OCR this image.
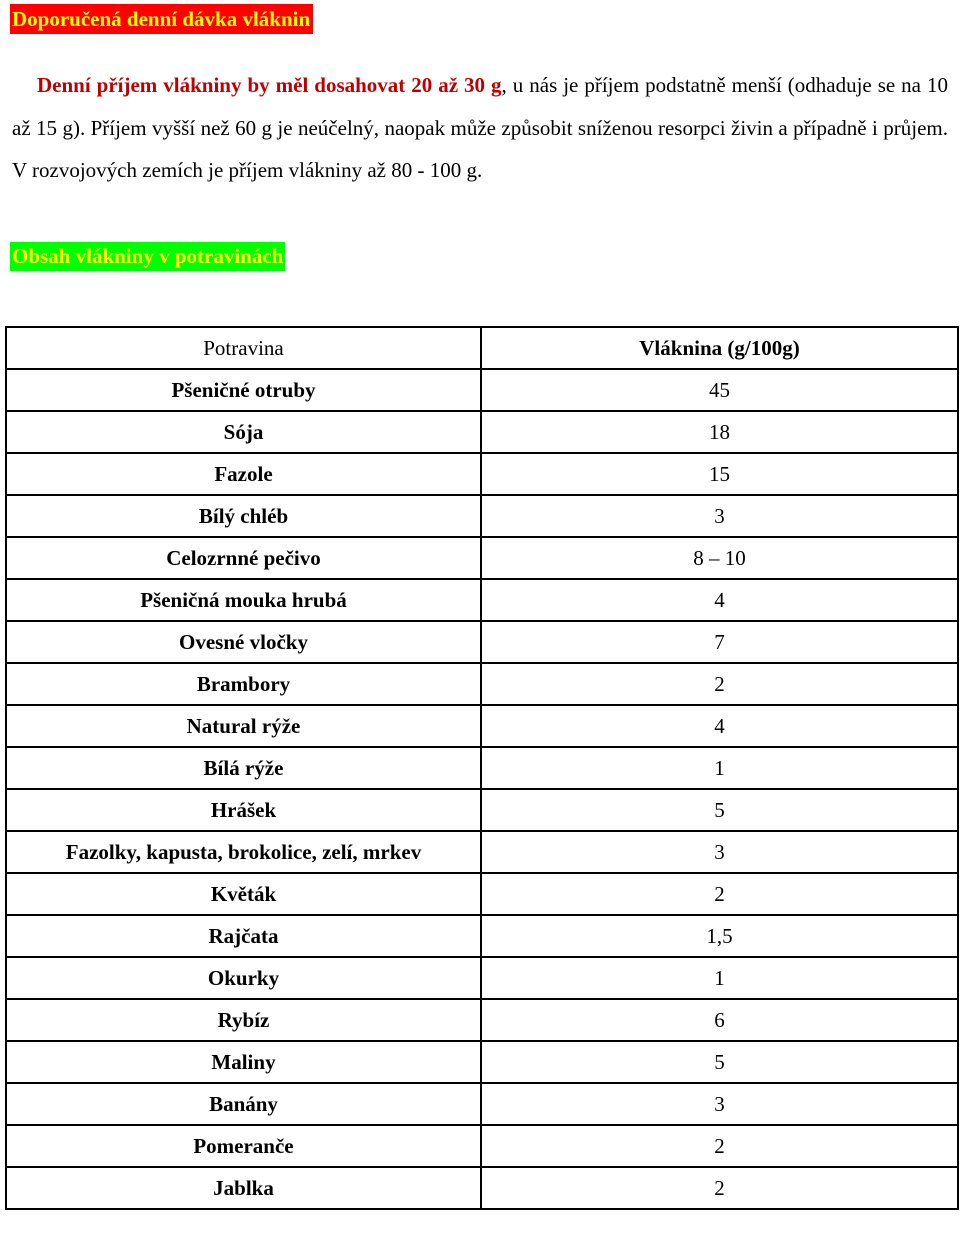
Doporučená denní dávka vláknin

Denní příjem vlákniny by měl dosahovat 20 až 30 g, u nás je příjem podstatně menší (odhaduje se na 10 až 15 g). Příjem vyšší než 60 g je neúčelný, naopak může způsobit sníženou resorpci živin a případně i průjem. V rozvojových zemích je příjem vlákniny až 80 - 100 g.

Obsah vlákniny v potravinách
Potravina	Vláknina (g/100g)
Pšeničné otruby	45
Sója	18
Fazole	15
Bílý chléb	3
Celozrnné pečivo	8 – 10
Pšeničná mouka hrubá	4
Ovesné vločky	7
Brambory	2
Natural rýže	4
Bílá rýže	1
Hrášek	5
Fazolky, kapusta, brokolice, zelí, mrkev	3
Květák	2
Rajčata	1,5
Okurky	1
Rybíz	6
Maliny	5
Banány	3
Pomeranče	2
Jablka	2
